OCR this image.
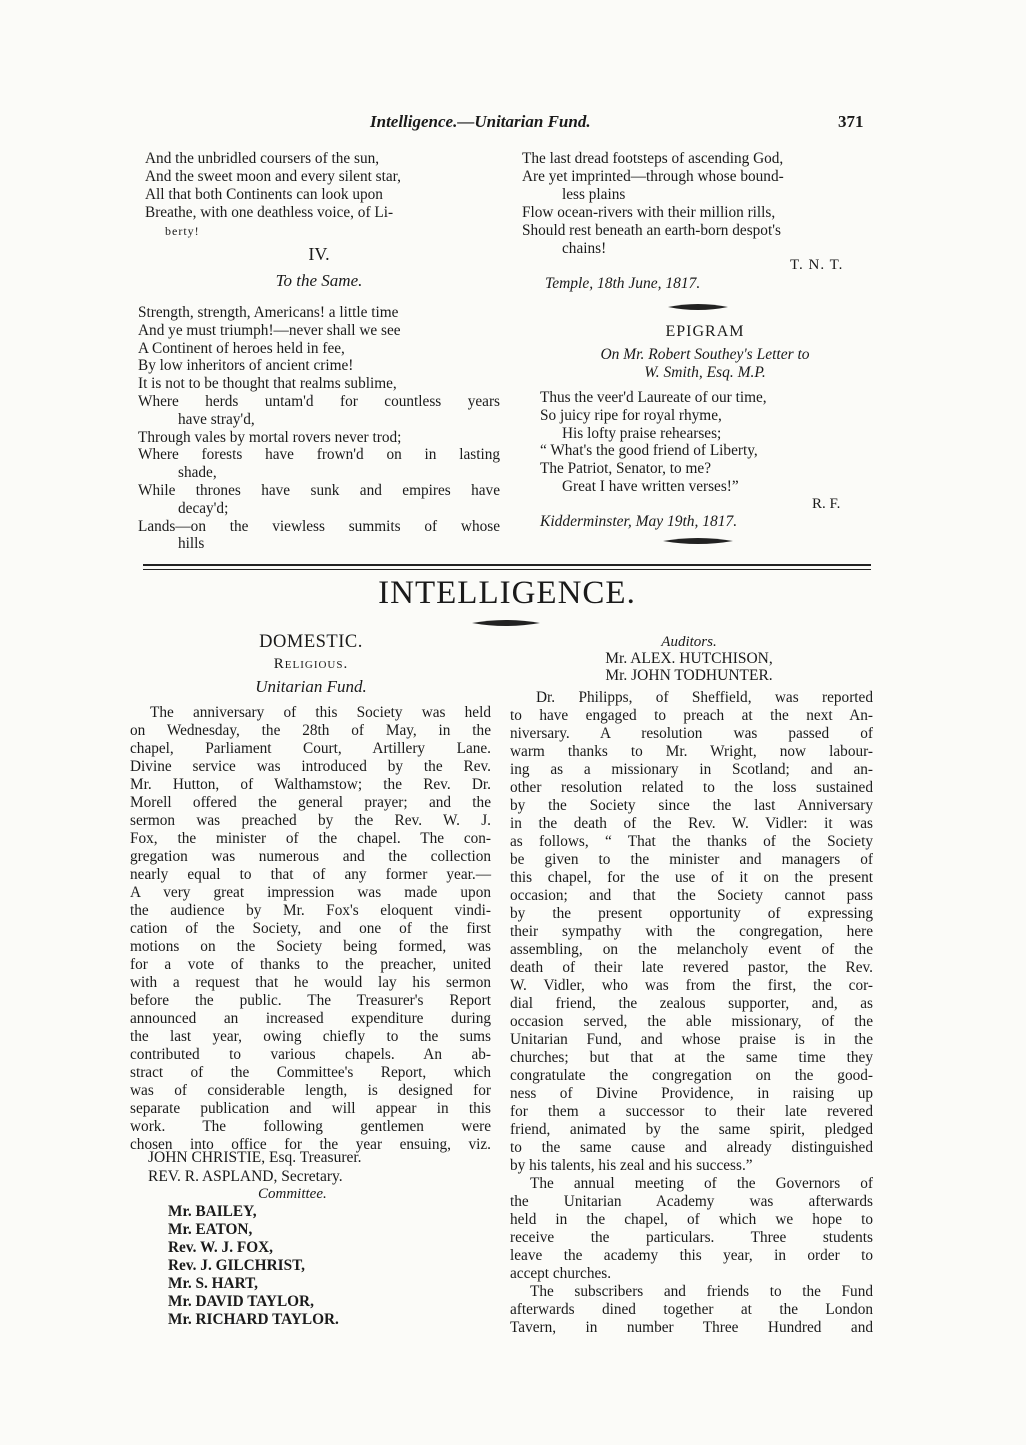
Intelligence.—Unitarian Fund.	371
And the unbridled coursers of the sun,
And the sweet moon and every silent star,
All that both Continents can look upon
Breathe, with one deathless voice, of Li-
berty!
IV.
To the Same.
Strength, strength, Americans! a little time
And ye must triumph!—never shall we see
A Continent of heroes held in fee,
By low inheritors of ancient crime!
It is not to be thought that realms sublime,
Where herds untam'd for countless years
have stray'd,
Through vales by mortal rovers never trod;
Where forests have frown'd on in lasting
shade,
While thrones have sunk and empires have
decay'd;
Lands—on the viewless summits of whose
hills
The last dread footsteps of ascending God,
Are yet imprinted—through whose bound-
less plains
Flow ocean-rivers with their million rills,
Should rest beneath an earth-born despot's
chains!
T. N. T.
Temple, 18th June, 1817.
EPIGRAM
On Mr. Robert Southey's Letter to
W. Smith, Esq. M.P.
Thus the veer'd Laureate of our time,
So juicy ripe for royal rhyme,
His lofty praise rehearses;
“ What's the good friend of Liberty,
The Patriot, Senator, to me?
Great I have written verses!”
R. F.
Kidderminster, May 19th, 1817.
INTELLIGENCE.
DOMESTIC.
Religious.
Unitarian Fund.
The anniversary of this Society was held
on Wednesday, the 28th of May, in the
chapel, Parliament Court, Artillery Lane.
Divine service was introduced by the Rev.
Mr. Hutton, of Walthamstow; the Rev. Dr.
Morell offered the general prayer; and the
sermon was preached by the Rev. W. J.
Fox, the minister of the chapel. The con-
gregation was numerous and the collection
nearly equal to that of any former year.—
A very great impression was made upon
the audience by Mr. Fox's eloquent vindi-
cation of the Society, and one of the first
motions on the Society being formed, was
for a vote of thanks to the preacher, united
with a request that he would lay his sermon
before the public. The Treasurer's Report
announced an increased expenditure during
the last year, owing chiefly to the sums
contributed to various chapels. An ab-
stract of the Committee's Report, which
was of considerable length, is designed for
separate publication and will appear in this
work. The following gentlemen were
chosen into office for the year ensuing, viz.
JOHN CHRISTIE, Esq. Treasurer.
REV. R. ASPLAND, Secretary.
Committee.
Mr. BAILEY,
Mr. EATON,
Rev. W. J. FOX,
Rev. J. GILCHRIST,
Mr. S. HART,
Mr. DAVID TAYLOR,
Mr. RICHARD TAYLOR.
Auditors.
Mr. ALEX. HUTCHISON,
Mr. JOHN TODHUNTER.
Dr. Philipps, of Sheffield, was reported
to have engaged to preach at the next An-
niversary. A resolution was passed of
warm thanks to Mr. Wright, now labour-
ing as a missionary in Scotland; and an-
other resolution related to the loss sustained
by the Society since the last Anniversary
in the death of the Rev. W. Vidler: it was
as follows, “ That the thanks of the Society
be given to the minister and managers of
this chapel, for the use of it on the present
occasion; and that the Society cannot pass
by the present opportunity of expressing
their sympathy with the congregation, here
assembling, on the melancholy event of the
death of their late revered pastor, the Rev.
W. Vidler, who was from the first, the cor-
dial friend, the zealous supporter, and, as
occasion served, the able missionary, of the
Unitarian Fund, and whose praise is in the
churches; but that at the same time they
congratulate the congregation on the good-
ness of Divine Providence, in raising up
for them a successor to their late revered
friend, animated by the same spirit, pledged
to the same cause and already distinguished
by his talents, his zeal and his success.”
The annual meeting of the Governors of
the Unitarian Academy was afterwards
held in the chapel, of which we hope to
receive the particulars. Three students
leave the academy this year, in order to
accept churches.
The subscribers and friends to the Fund
afterwards dined together at the London
Tavern, in number Three Hundred and
